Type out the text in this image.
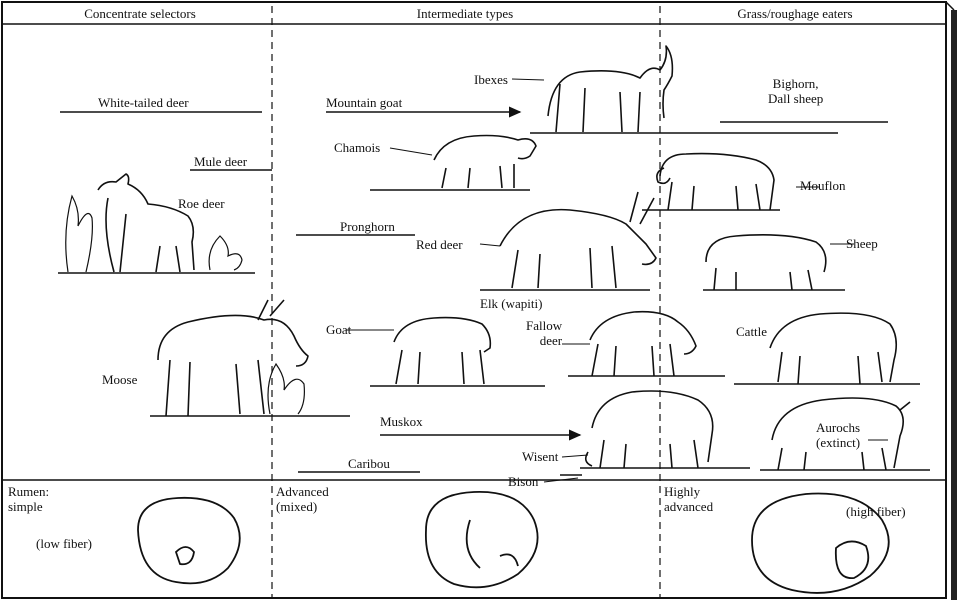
Concentrate selectors	Intermediate types	Grass/roughage eaters
White-tailed deer
Mule deer
Roe deer
Moose
Mountain goat
Ibexes
Chamois
Pronghorn
Red deer
Elk (wapiti)
Goat	Fallow
deer
Muskox
Caribou	Wisent
Bison
Bighorn,
Dall sheep
Mouflon
Sheep
Cattle
Aurochs
(extinct)
Rumen:
simple
(low fiber)
Advanced
(mixed)
Highly
advanced	(high fiber)
